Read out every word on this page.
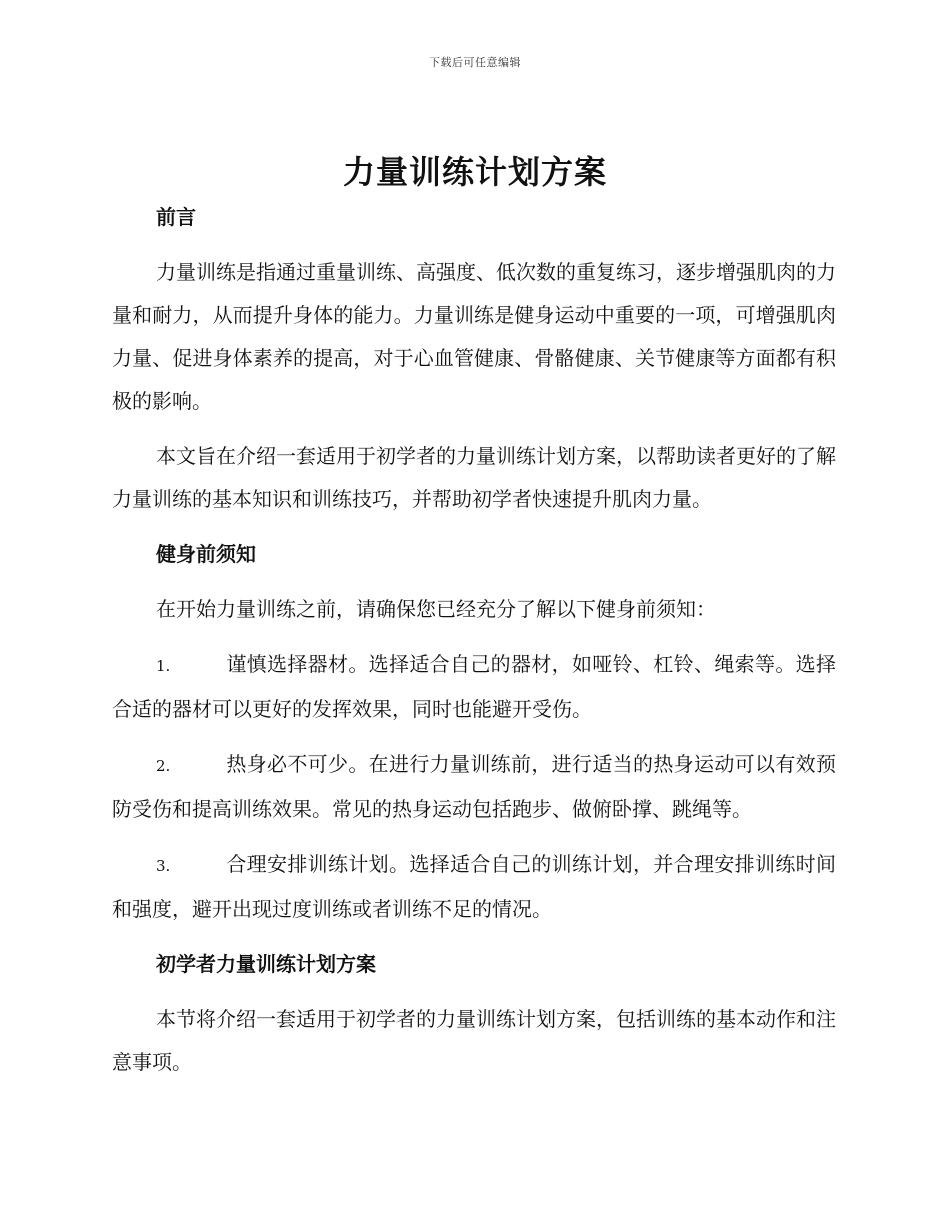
下载后可任意编辑
力量训练计划方案
前言

力量训练是指通过重量训练、高强度、低次数的重复练习，逐步增强肌肉的力量和耐力，从而提升身体的能力。力量训练是健身运动中重要的一项，可增强肌肉力量、促进身体素养的提高，对于心血管健康、骨骼健康、关节健康等方面都有积极的影响。

本文旨在介绍一套适用于初学者的力量训练计划方案，以帮助读者更好的了解力量训练的基本知识和训练技巧，并帮助初学者快速提升肌肉力量。

健身前须知

在开始力量训练之前，请确保您已经充分了解以下健身前须知：

1.	谨慎选择器材。选择适合自己的器材，如哑铃、杠铃、绳索等。选择合适的器材可以更好的发挥效果，同时也能避开受伤。

2.	热身必不可少。在进行力量训练前，进行适当的热身运动可以有效预防受伤和提高训练效果。常见的热身运动包括跑步、做俯卧撑、跳绳等。

3.	合理安排训练计划。选择适合自己的训练计划，并合理安排训练时间和强度，避开出现过度训练或者训练不足的情况。

初学者力量训练计划方案

本节将介绍一套适用于初学者的力量训练计划方案，包括训练的基本动作和注意事项。
